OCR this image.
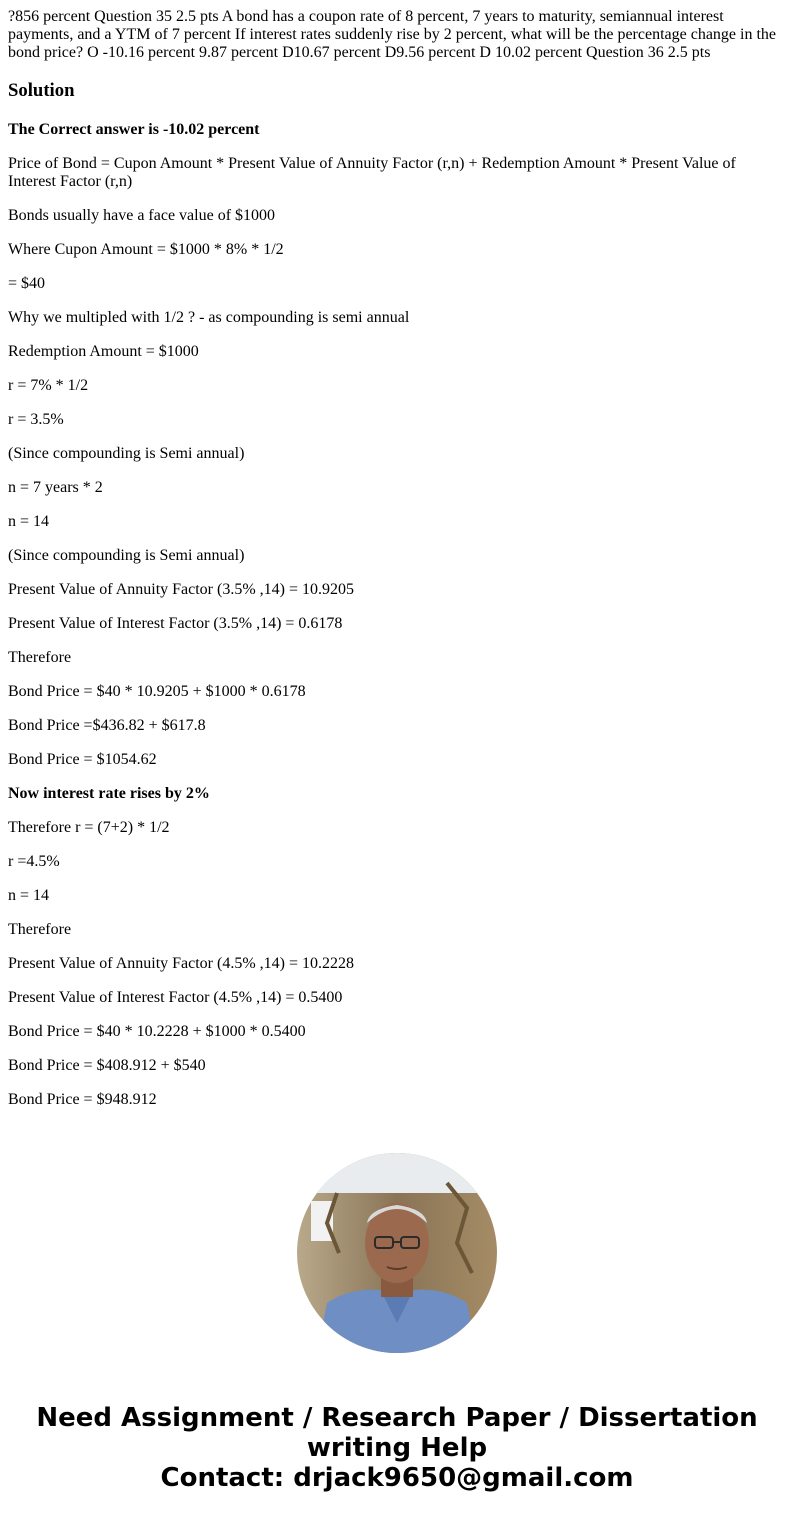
?856 percent Question 35 2.5 pts A bond has a coupon rate of 8 percent, 7 years to maturity, semiannual interest payments, and a YTM of 7 percent If interest rates suddenly rise by 2 percent, what will be the percentage change in the bond price? O -10.16 percent 9.87 percent D10.67 percent D9.56 percent D 10.02 percent Question 36 2.5 pts

Solution

The Correct answer is -10.02 percent

Price of Bond = Cupon Amount * Present Value of Annuity Factor (r,n) + Redemption Amount * Present Value of Interest Factor (r,n)

Bonds usually have a face value of $1000

Where Cupon Amount = $1000 * 8% * 1/2

= $40

Why we multipled with 1/2 ? - as compounding is semi annual

Redemption Amount = $1000

r = 7% * 1/2

r = 3.5%

(Since compounding is Semi annual)

n = 7 years * 2

n = 14

(Since compounding is Semi annual)

Present Value of Annuity Factor (3.5% ,14) = 10.9205

Present Value of Interest Factor (3.5% ,14) = 0.6178

Therefore

Bond Price = $40 * 10.9205 + $1000 * 0.6178

Bond Price =$436.82 + $617.8

Bond Price = $1054.62

Now interest rate rises by 2%

Therefore r = (7+2) * 1/2

r =4.5%

n = 14

Therefore

Present Value of Annuity Factor (4.5% ,14) = 10.2228

Present Value of Interest Factor (4.5% ,14) = 0.5400

Bond Price = $40 * 10.2228 + $1000 * 0.5400

Bond Price = $408.912 + $540

Bond Price = $948.912

Need Assignment / Research Paper / Dissertation
writing Help
Contact: drjack9650@gmail.com
